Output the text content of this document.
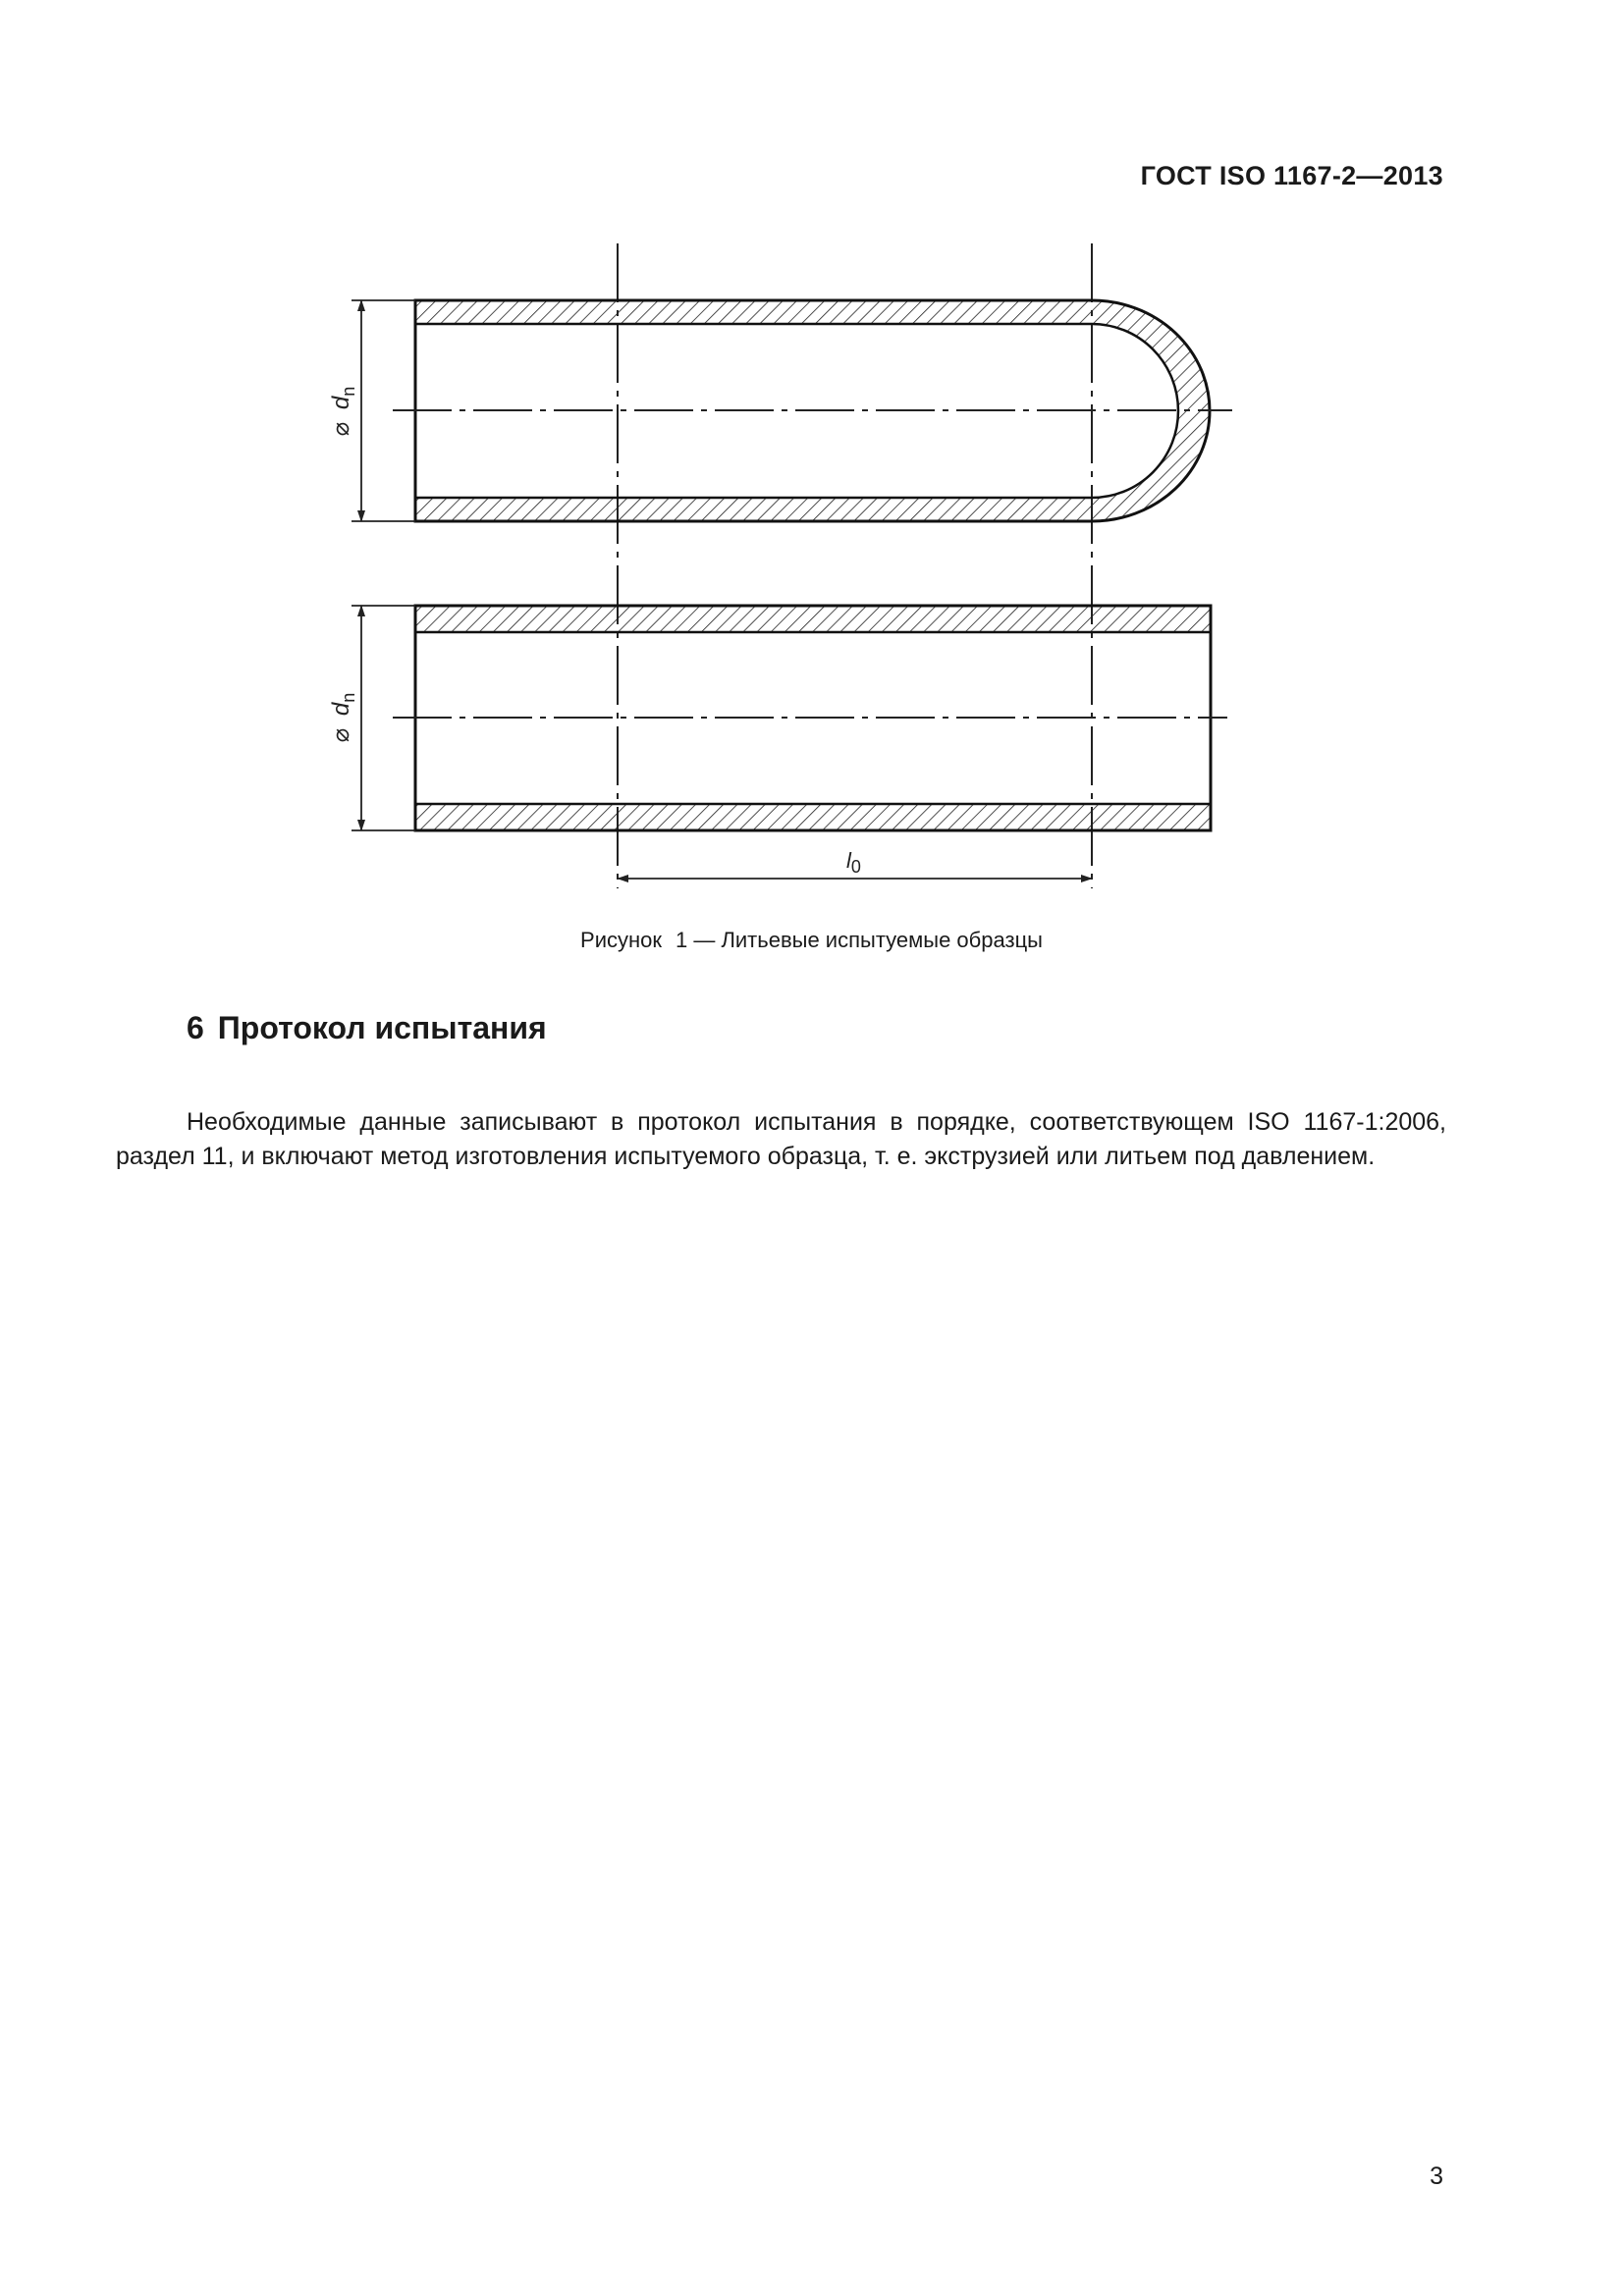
ГОСТ ISO 1167-2—2013
⌀ $d_n$
⌀ $d_n$
$l_0$
Рисунок 1 — Литьевые испытуемые образцы
6 Протокол испытания

Необходимые данные записывают в протокол испытания в порядке, соответствующем ISO 1167-1:2006, раздел 11, и включают метод изготовления испытуемого образца, т. е. экструзией или литьем под давлением.

3
